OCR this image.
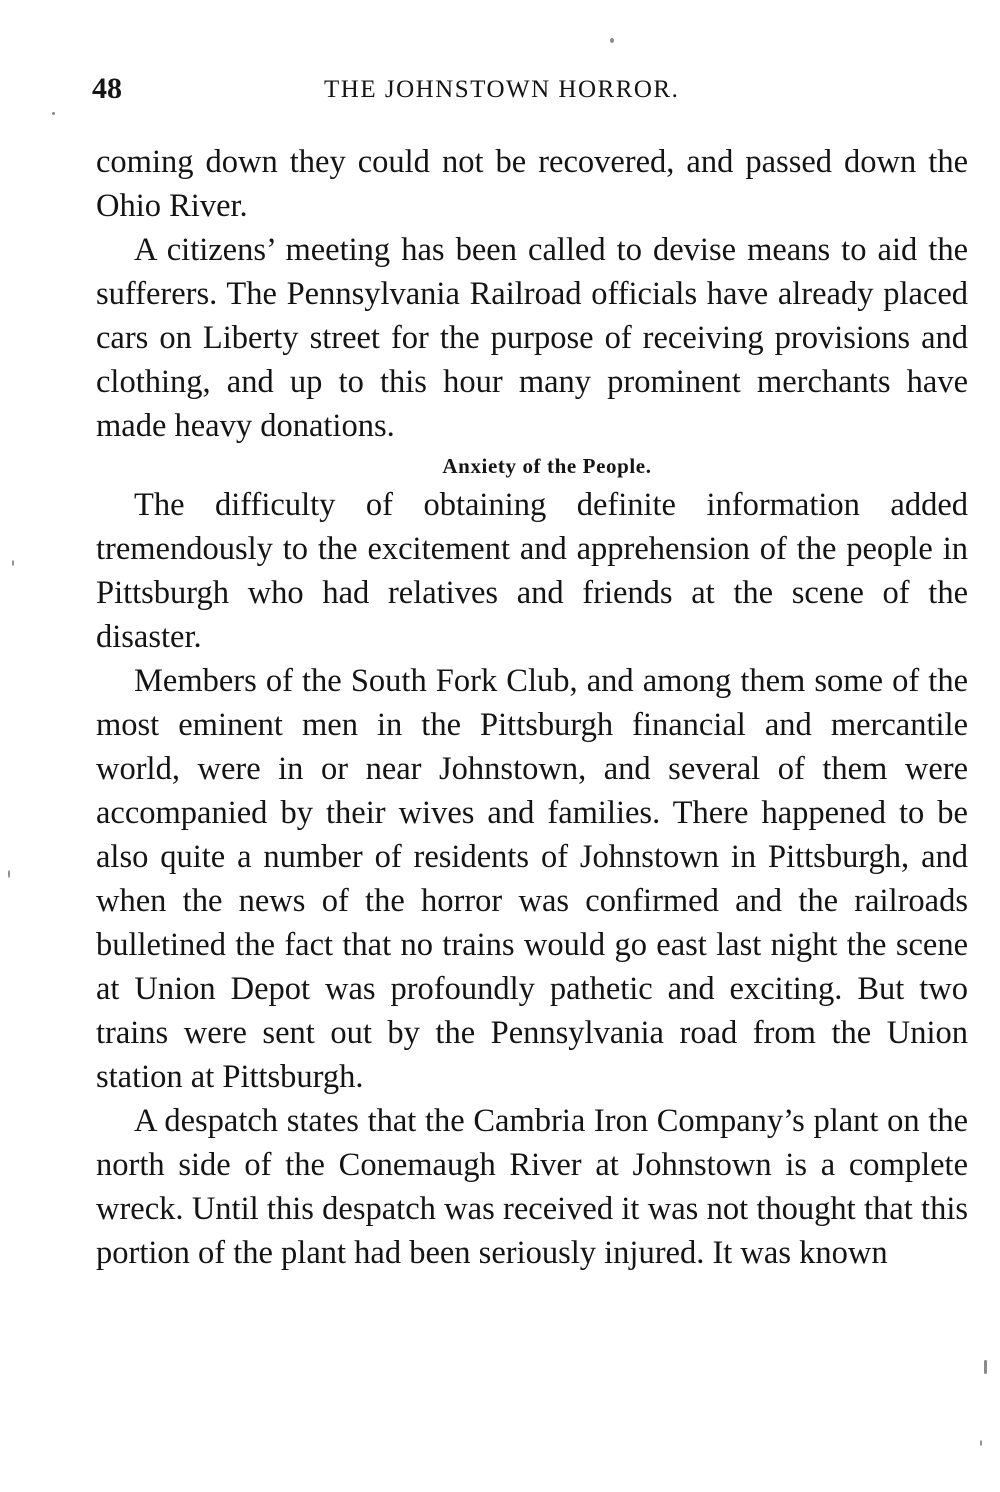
48	THE JOHNSTOWN HORROR.

coming down they could not be recovered, and passed down the Ohio River.

A citizens’ meeting has been called to devise means to aid the sufferers. The Pennsylvania Railroad officials have already placed cars on Liberty street for the purpose of receiving provisions and clothing, and up to this hour many prominent merchants have made heavy donations.

Anxiety of the People.

The difficulty of obtaining definite information added tremendously to the excitement and apprehension of the people in Pittsburgh who had relatives and friends at the scene of the disaster.

Members of the South Fork Club, and among them some of the most eminent men in the Pittsburgh financial and mercantile world, were in or near Johnstown, and several of them were accompanied by their wives and families. There happened to be also quite a number of residents of Johnstown in Pittsburgh, and when the news of the horror was confirmed and the railroads bulletined the fact that no trains would go east last night the scene at Union Depot was profoundly pathetic and exciting. But two trains were sent out by the Pennsylvania road from the Union station at Pittsburgh.

A despatch states that the Cambria Iron Company’s plant on the north side of the Conemaugh River at Johnstown is a complete wreck. Until this despatch was received it was not thought that this portion of the plant had been seriously injured. It was known
